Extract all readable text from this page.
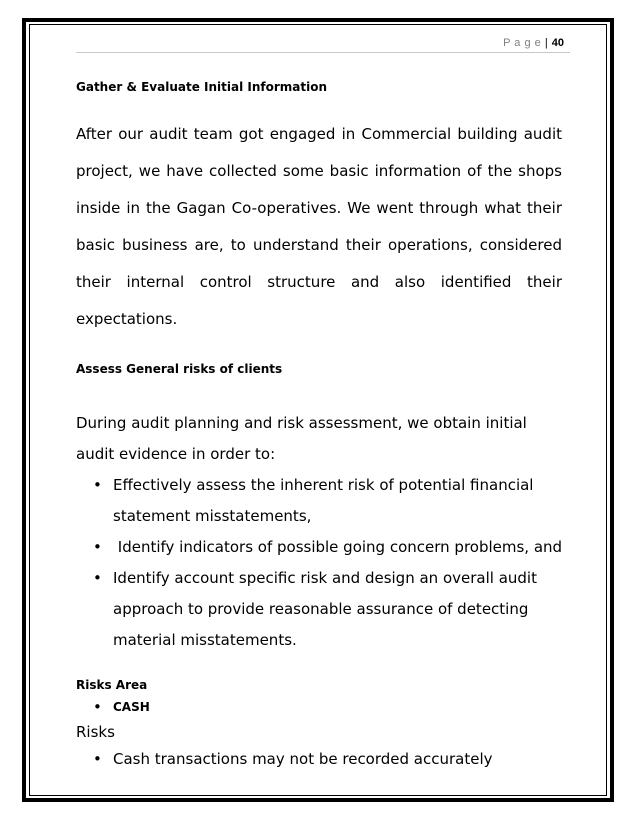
P a g e | 40

Gather & Evaluate Initial Information

After our audit team got engaged in Commercial building audit project, we have collected some basic information of the shops inside in the Gagan Co-operatives. We went through what their basic business are, to understand their operations, considered their internal control structure and also identified their expectations.

Assess General risks of clients

During audit planning and risk assessment, we obtain initial audit evidence in order to:

• Effectively assess the inherent risk of potential financial statement misstatements,
• Identify indicators of possible going concern problems, and
• Identify account specific risk and design an overall audit approach to provide reasonable assurance of detecting material misstatements.

Risks Area

• CASH

Risks

• Cash transactions may not be recorded accurately
